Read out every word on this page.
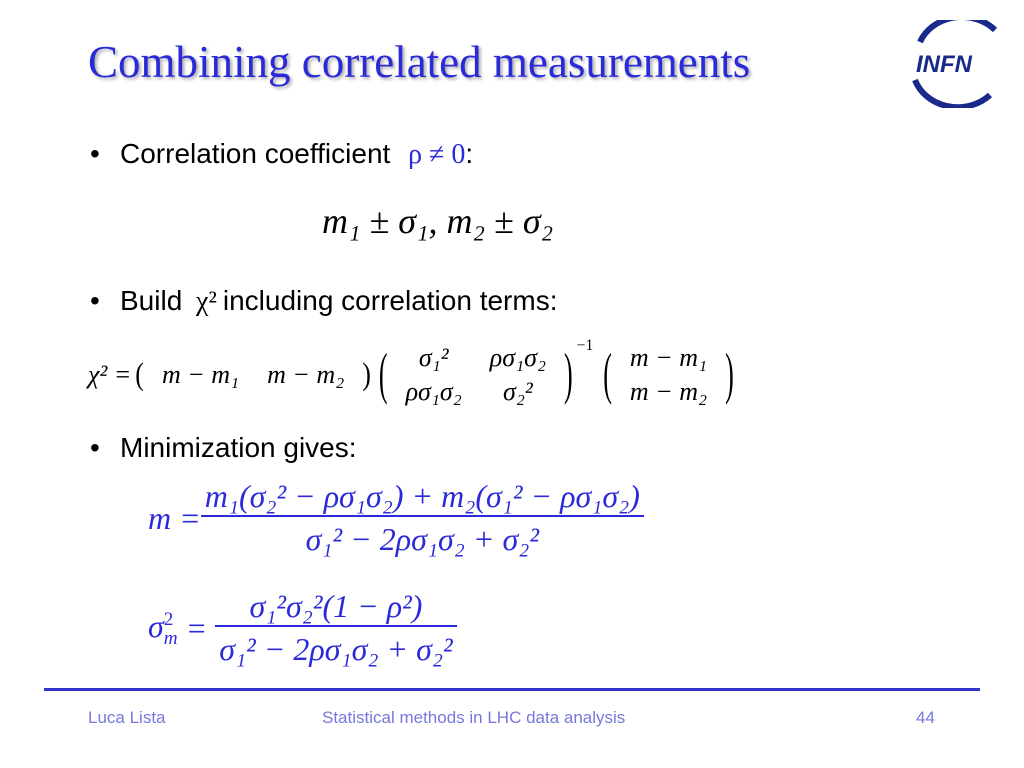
Combining correlated measurements	INFN
• Correlation coefficient ρ ≠ 0:
m₁ ± σ₁, m₂ ± σ₂
• Build χ² including correlation terms:
χ² = ( m − m₁ m − m₂ ) ( σ₁²	ρσ₁σ₂
ρσ₁σ₂	σ₂² ) $^{-1}$ ( m − m₁
m − m₂ )
• Minimization gives:
$m = \frac{\text{m₁(σ₂² − ρσ₁σ₂) + m₂(σ₁² − ρσ₁σ₂)}}{\text{σ₁² − 2ρσ₁σ₂ + σ₂²}}$
σ 2
$m = \frac{\text{σ₁²σ₂²(1 − ρ²)}}{\text{σ₁² − 2ρσ₁σ₂ + σ₂²}}$
Luca Lista	Statistical methods in LHC data analysis	44
